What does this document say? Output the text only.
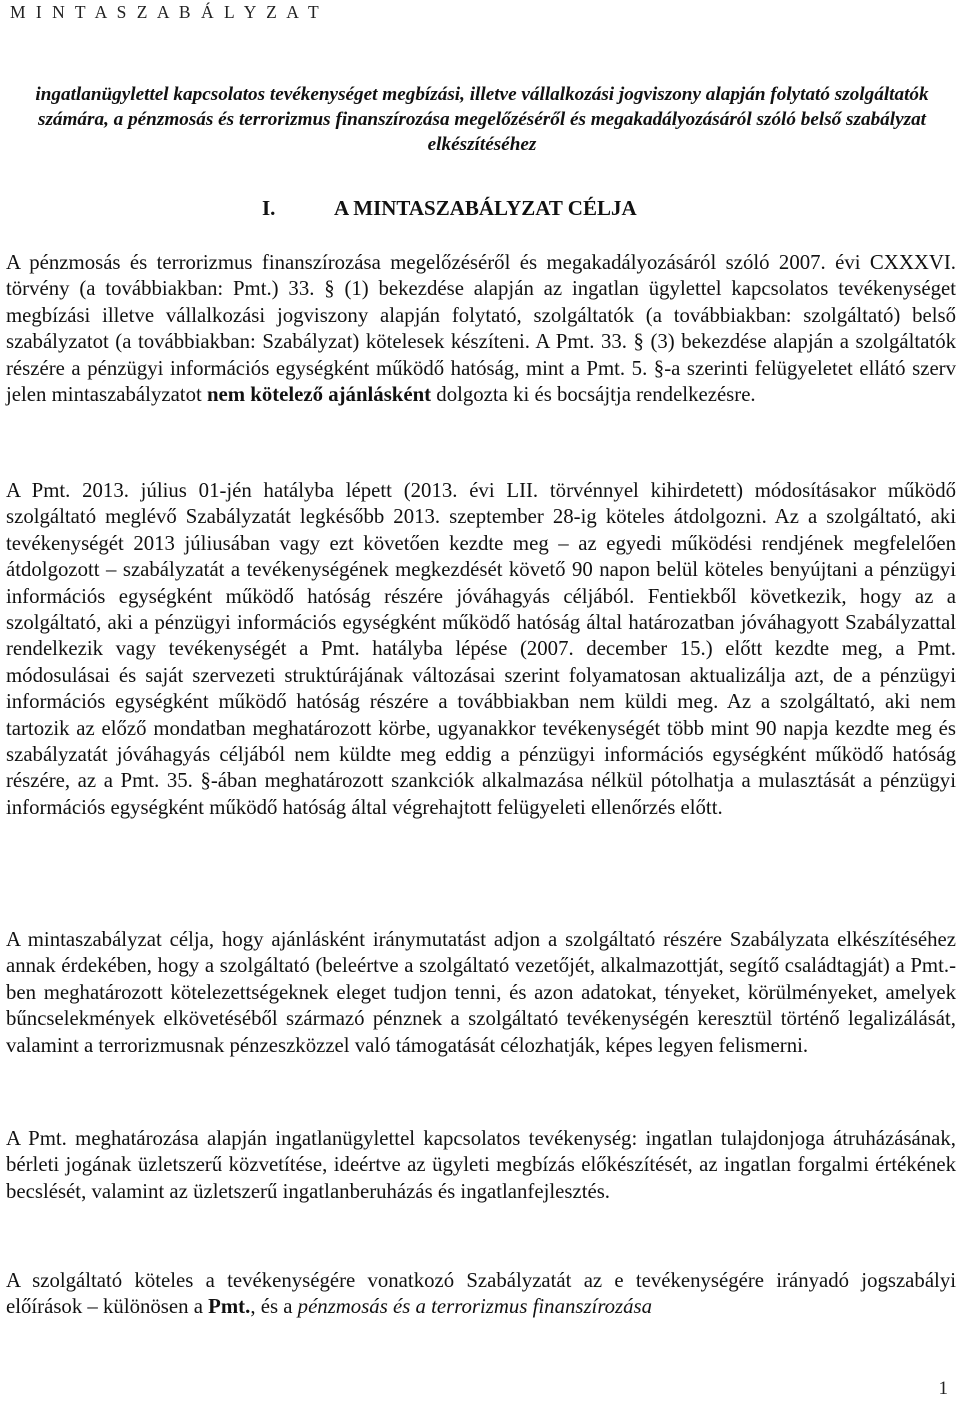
M I N T A S Z A B Á L Y Z A T
ingatlanügylettel kapcsolatos tevékenységet megbízási, illetve vállalkozási jogviszony alapján folytató szolgáltatók számára, a pénzmosás és terrorizmus finanszírozása megelőzéséről és megakadályozásáról szóló belső szabályzat elkészítéséhez
I.	A MINTASZABÁLYZAT CÉLJA

A pénzmosás és terrorizmus finanszírozása megelőzéséről és megakadályozásáról szóló 2007. évi CXXXVI. törvény (a továbbiakban: Pmt.) 33. § (1) bekezdése alapján az ingatlan ügylettel kapcsolatos tevékenységet megbízási illetve vállalkozási jogviszony alapján folytató, szolgáltatók (a továbbiakban: szolgáltató) belső szabályzatot (a továbbiakban: Szabályzat) kötelesek készíteni. A Pmt. 33. § (3) bekezdése alapján a szolgáltatók részére a pénzügyi információs egységként működő hatóság, mint a Pmt. 5. §-a szerinti felügyeletet ellátó szerv jelen mintaszabályzatot nem kötelező ajánlásként dolgozta ki és bocsájtja rendelkezésre.

A Pmt. 2013. július 01-jén hatályba lépett (2013. évi LII. törvénnyel kihirdetett) módosításakor működő szolgáltató meglévő Szabályzatát legkésőbb 2013. szeptember 28-ig köteles átdolgozni. Az a szolgáltató, aki tevékenységét 2013 júliusában vagy ezt követően kezdte meg – az egyedi működési rendjének megfelelően átdolgozott – szabályzatát a tevékenységének megkezdését követő 90 napon belül köteles benyújtani a pénzügyi információs egységként működő hatóság részére jóváhagyás céljából. Fentiekből következik, hogy az a szolgáltató, aki a pénzügyi információs egységként működő hatóság által határozatban jóváhagyott Szabályzattal rendelkezik vagy tevékenységét a Pmt. hatályba lépése (2007. december 15.) előtt kezdte meg, a Pmt. módosulásai és saját szervezeti struktúrájának változásai szerint folyamatosan aktualizálja azt, de a pénzügyi információs egységként működő hatóság részére a továbbiakban nem küldi meg. Az a szolgáltató, aki nem tartozik az előző mondatban meghatározott körbe, ugyanakkor tevékenységét több mint 90 napja kezdte meg és szabályzatát jóváhagyás céljából nem küldte meg eddig a pénzügyi információs egységként működő hatóság részére, az a Pmt. 35. §-ában meghatározott szankciók alkalmazása nélkül pótolhatja a mulasztását a pénzügyi információs egységként működő hatóság által végrehajtott felügyeleti ellenőrzés előtt.

A mintaszabályzat célja, hogy ajánlásként iránymutatást adjon a szolgáltató részére Szabályzata elkészítéséhez annak érdekében, hogy a szolgáltató (beleértve a szolgáltató vezetőjét, alkalmazottját, segítő családtagját) a Pmt.-ben meghatározott kötelezettségeknek eleget tudjon tenni, és azon adatokat, tényeket, körülményeket, amelyek bűncselekmények elkövetéséből származó pénznek a szolgáltató tevékenységén keresztül történő legalizálását, valamint a terrorizmusnak pénzeszközzel való támogatását célozhatják, képes legyen felismerni.

A Pmt. meghatározása alapján ingatlanügylettel kapcsolatos tevékenység: ingatlan tulajdonjoga átruházásának, bérleti jogának üzletszerű közvetítése, ideértve az ügyleti megbízás előkészítését, az ingatlan forgalmi értékének becslését, valamint az üzletszerű ingatlanberuházás és ingatlanfejlesztés.

A szolgáltató köteles a tevékenységére vonatkozó Szabályzatát az e tevékenységére irányadó jogszabályi előírások – különösen a Pmt., és a pénzmosás és a terrorizmus finanszírozása

1
